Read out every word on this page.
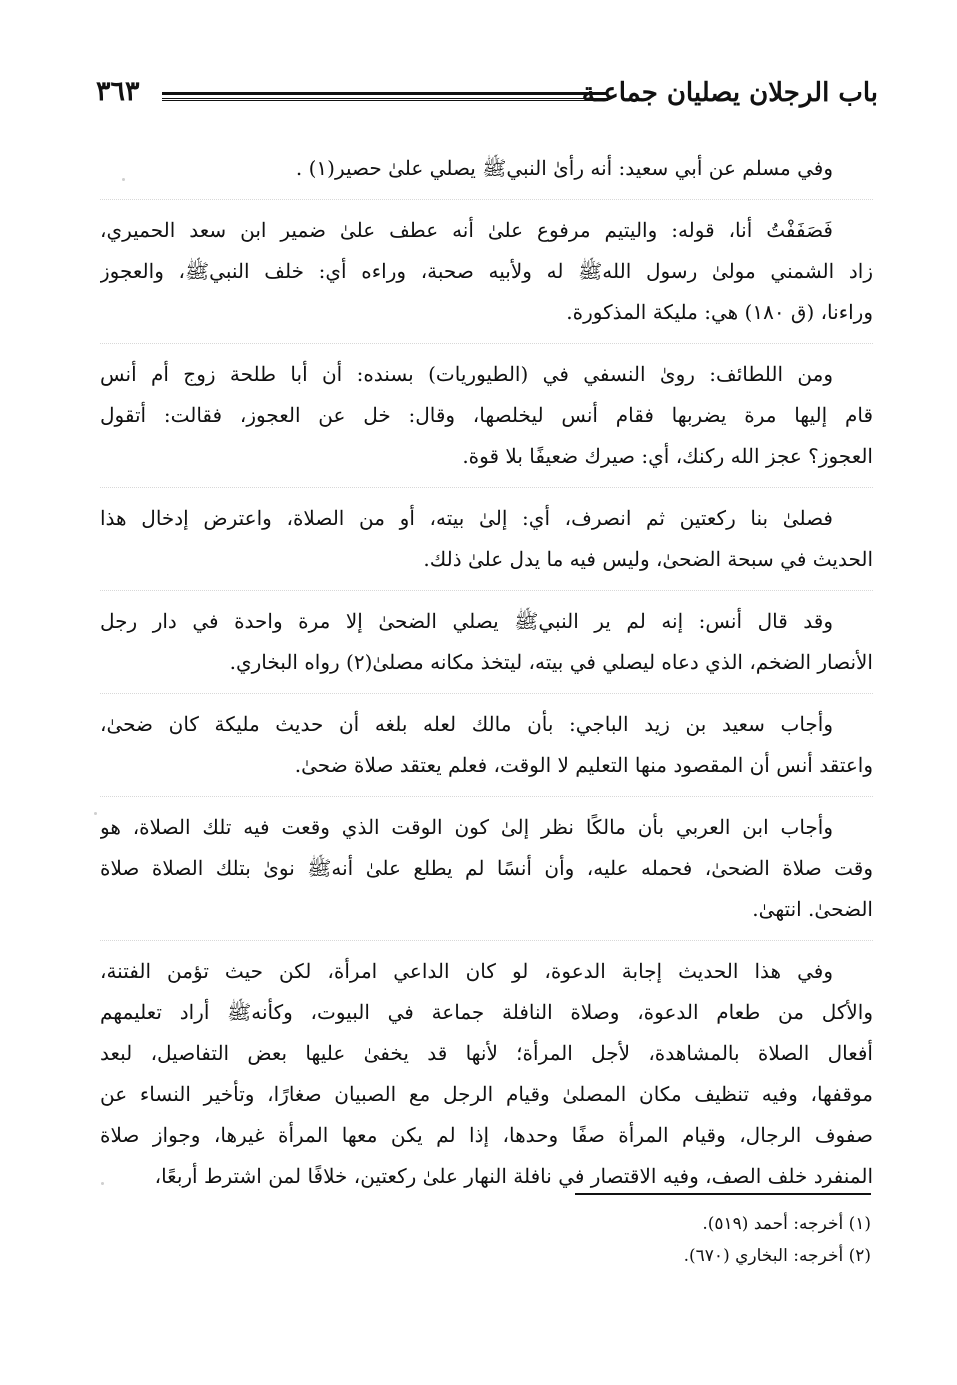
باب الرجلان يصليان جماعـة
٣٦٣
وفي مسلم عن أبي سعيد: أنه رأىٰ النبيﷺ يصلي علىٰ حصير(١) .
فَصَفَفْتُ أنا، قوله: واليتيم مرفوع علىٰ أنه عطف علىٰ ضمير ابن سعد الحميري،
زاد الشمني مولىٰ رسول اللهﷺ له ولأبيه صحبة، وراءه أي: خلف النبيﷺ، والعجوز
وراءنا، (ق ١٨٠) هي: مليكة المذكورة.
ومن اللطائف: روىٰ النسفي في (الطيوريات) بسنده: أن أبا طلحة زوج أم أنس
قام إليها مرة يضربها فقام أنس ليخلصها، وقال: خل عن العجوز، فقالت: أتقول
العجوز؟ عجز الله ركنك، أي: صيرك ضعيفًا بلا قوة.
فصلىٰ بنا ركعتين ثم انصرف، أي: إلىٰ بيته، أو من الصلاة، واعترض إدخال هذا
الحديث في سبحة الضحىٰ، وليس فيه ما يدل علىٰ ذلك.
وقد قال أنس: إنه لم ير النبيﷺ يصلي الضحىٰ إلا مرة واحدة في دار رجل
الأنصار الضخم، الذي دعاه ليصلي في بيته، ليتخذ مكانه مصلىٰ(٢) رواه البخاري.
وأجاب سعيد بن زيد الباجي: بأن مالك لعله بلغه أن حديث مليكة كان ضحىٰ،
واعتقد أنس أن المقصود منها التعليم لا الوقت، فعلم يعتقد صلاة ضحىٰ.
وأجاب ابن العربي بأن مالكًا نظر إلىٰ كون الوقت الذي وقعت فيه تلك الصلاة، هو
وقت صلاة الضحىٰ، فحمله عليه، وأن أنسًا لم يطلع علىٰ أنهﷺ نوىٰ بتلك الصلاة صلاة
الضحىٰ. انتهىٰ.
وفي هذا الحديث إجابة الدعوة، لو كان الداعي امرأة، لكن حيث تؤمن الفتنة،
والأكل من طعام الدعوة، وصلاة النافلة جماعة في البيوت، وكأنهﷺ أراد تعليمهم
أفعال الصلاة بالمشاهدة، لأجل المرأة؛ لأنها قد يخفىٰ عليها بعض التفاصيل، لبعد
موقفها، وفيه تنظيف مكان المصلىٰ وقيام الرجل مع الصبيان صغارًا، وتأخير النساء عن
صفوف الرجال، وقيام المرأة صفًا وحدها، إذا لم يكن معها المرأة غيرها، وجواز صلاة
المنفرد خلف الصف، وفيه الاقتصار في نافلة النهار علىٰ ركعتين، خلافًا لمن اشترط أربعًا،
(١) أخرجه: أحمد (٥١٩).
(٢) أخرجه: البخاري (٦٧٠).
